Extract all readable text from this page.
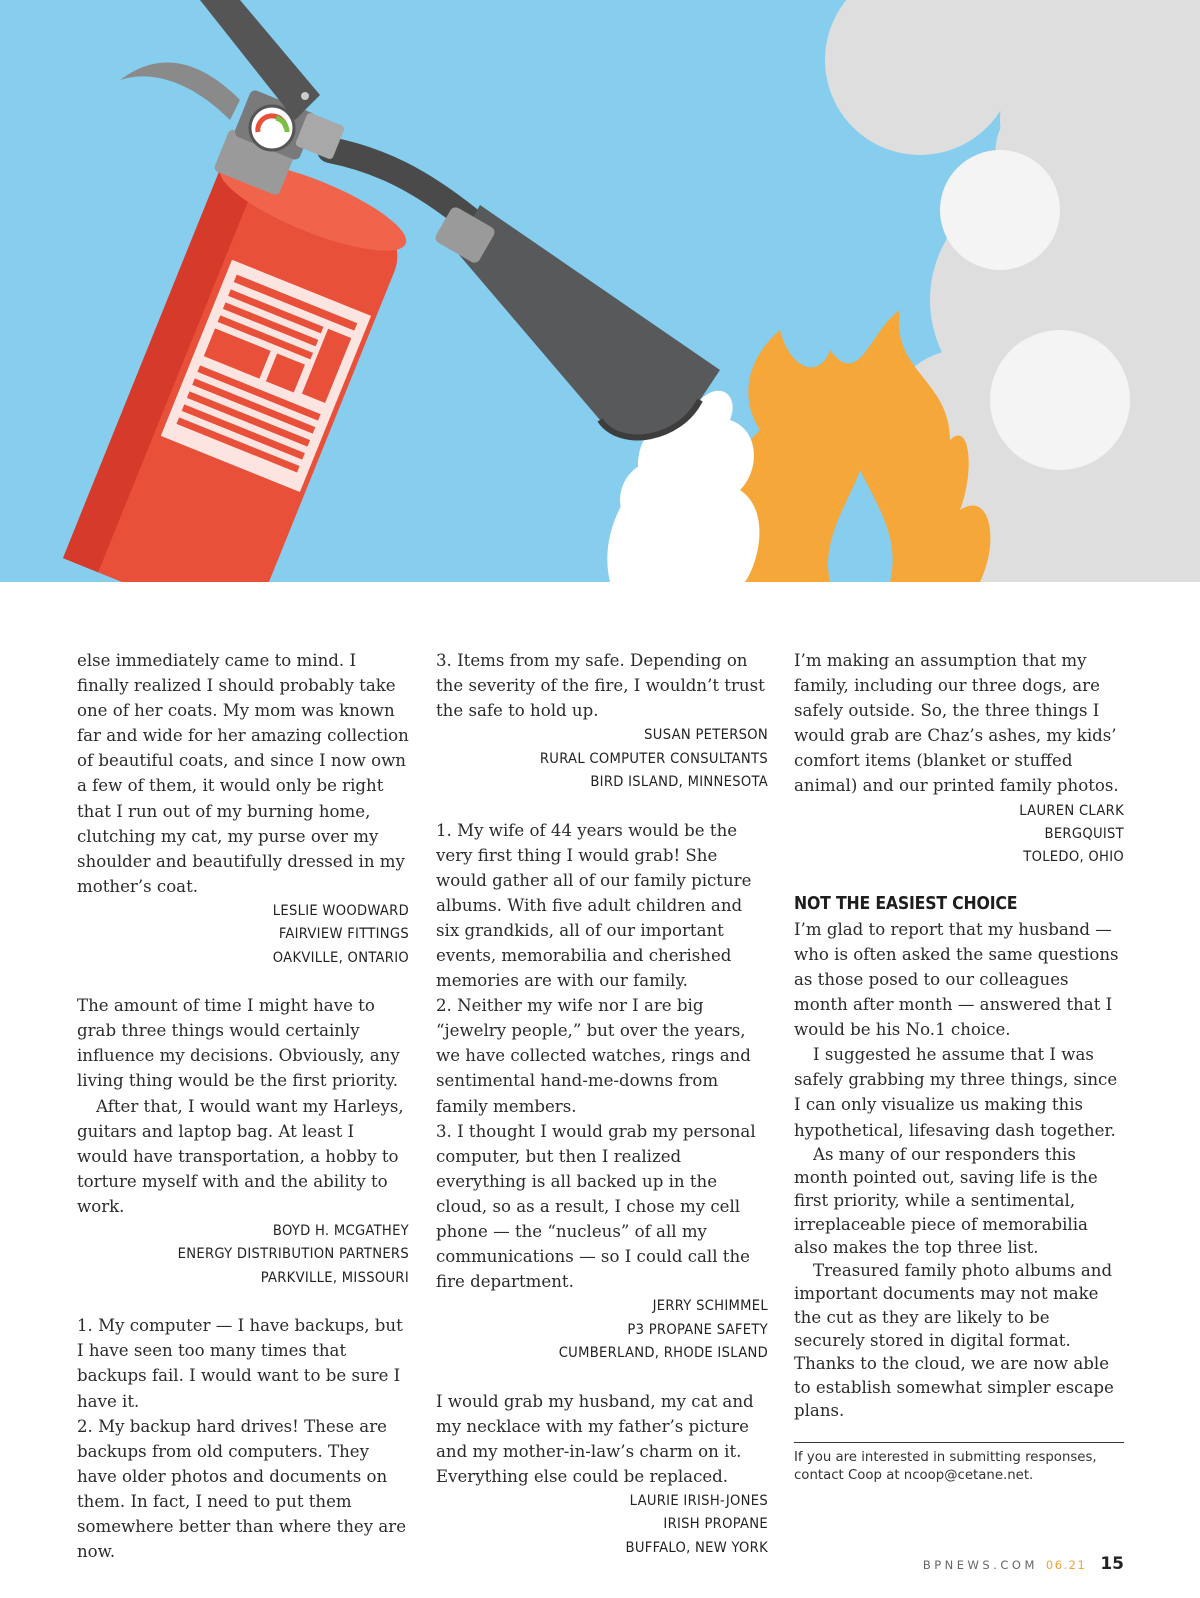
else immediately came to mind. I finally realized I should probably take one of her coats. My mom was known far and wide for her amazing collection of beautiful coats, and since I now own a few of them, it would only be right that I run out of my burning home, clutching my cat, my purse over my shoulder and beautifully dressed in my mother’s coat.
LESLIE WOODWARD
FAIRVIEW FITTINGS
OAKVILLE, ONTARIO
The amount of time I might have to grab three things would certainly influence my decisions. Obviously, any living thing would be the first priority.
After that, I would want my Harleys, guitars and laptop bag. At least I would have transportation, a hobby to torture myself with and the ability to work.
BOYD H. MCGATHEY
ENERGY DISTRIBUTION PARTNERS
PARKVILLE, MISSOURI
1. My computer — I have backups, but I have seen too many times that backups fail. I would want to be sure I have it.
2. My backup hard drives! These are backups from old computers. They have older photos and documents on them. In fact, I need to put them somewhere better than where they are now.
3. Items from my safe. Depending on the severity of the fire, I wouldn’t trust the safe to hold up.
SUSAN PETERSON
RURAL COMPUTER CONSULTANTS
BIRD ISLAND, MINNESOTA
1. My wife of 44 years would be the very first thing I would grab! She would gather all of our family picture albums. With five adult children and six grandkids, all of our important events, memorabilia and cherished memories are with our family.
2. Neither my wife nor I are big “jewelry people,” but over the years, we have collected watches, rings and sentimental hand-me-downs from family members.
3. I thought I would grab my personal computer, but then I realized everything is all backed up in the cloud, so as a result, I chose my cell phone — the “nucleus” of all my communications — so I could call the fire department.
JERRY SCHIMMEL
P3 PROPANE SAFETY
CUMBERLAND, RHODE ISLAND
I would grab my husband, my cat and my necklace with my father’s picture and my mother-in-law’s charm on it. Everything else could be replaced.
LAURIE IRISH-JONES
IRISH PROPANE
BUFFALO, NEW YORK
I’m making an assumption that my family, including our three dogs, are safely outside. So, the three things I would grab are Chaz’s ashes, my kids’ comfort items (blanket or stuffed animal) and our printed family photos.
LAUREN CLARK
BERGQUIST
TOLEDO, OHIO
NOT THE EASIEST CHOICE
I’m glad to report that my husband — who is often asked the same questions as those posed to our colleagues month after month — answered that I would be his No.1 choice.
I suggested he assume that I was safely grabbing my three things, since I can only visualize us making this hypothetical, lifesaving dash together.
As many of our responders this month pointed out, saving life is the first priority, while a sentimental, irreplaceable piece of memorabilia also makes the top three list.
Treasured family photo albums and important documents may not make the cut as they are likely to be securely stored in digital format. Thanks to the cloud, we are now able to establish somewhat simpler escape plans.
If you are interested in submitting responses, contact Coop at ncoop@cetane.net.
BPNEWS.COM 06.21 15
